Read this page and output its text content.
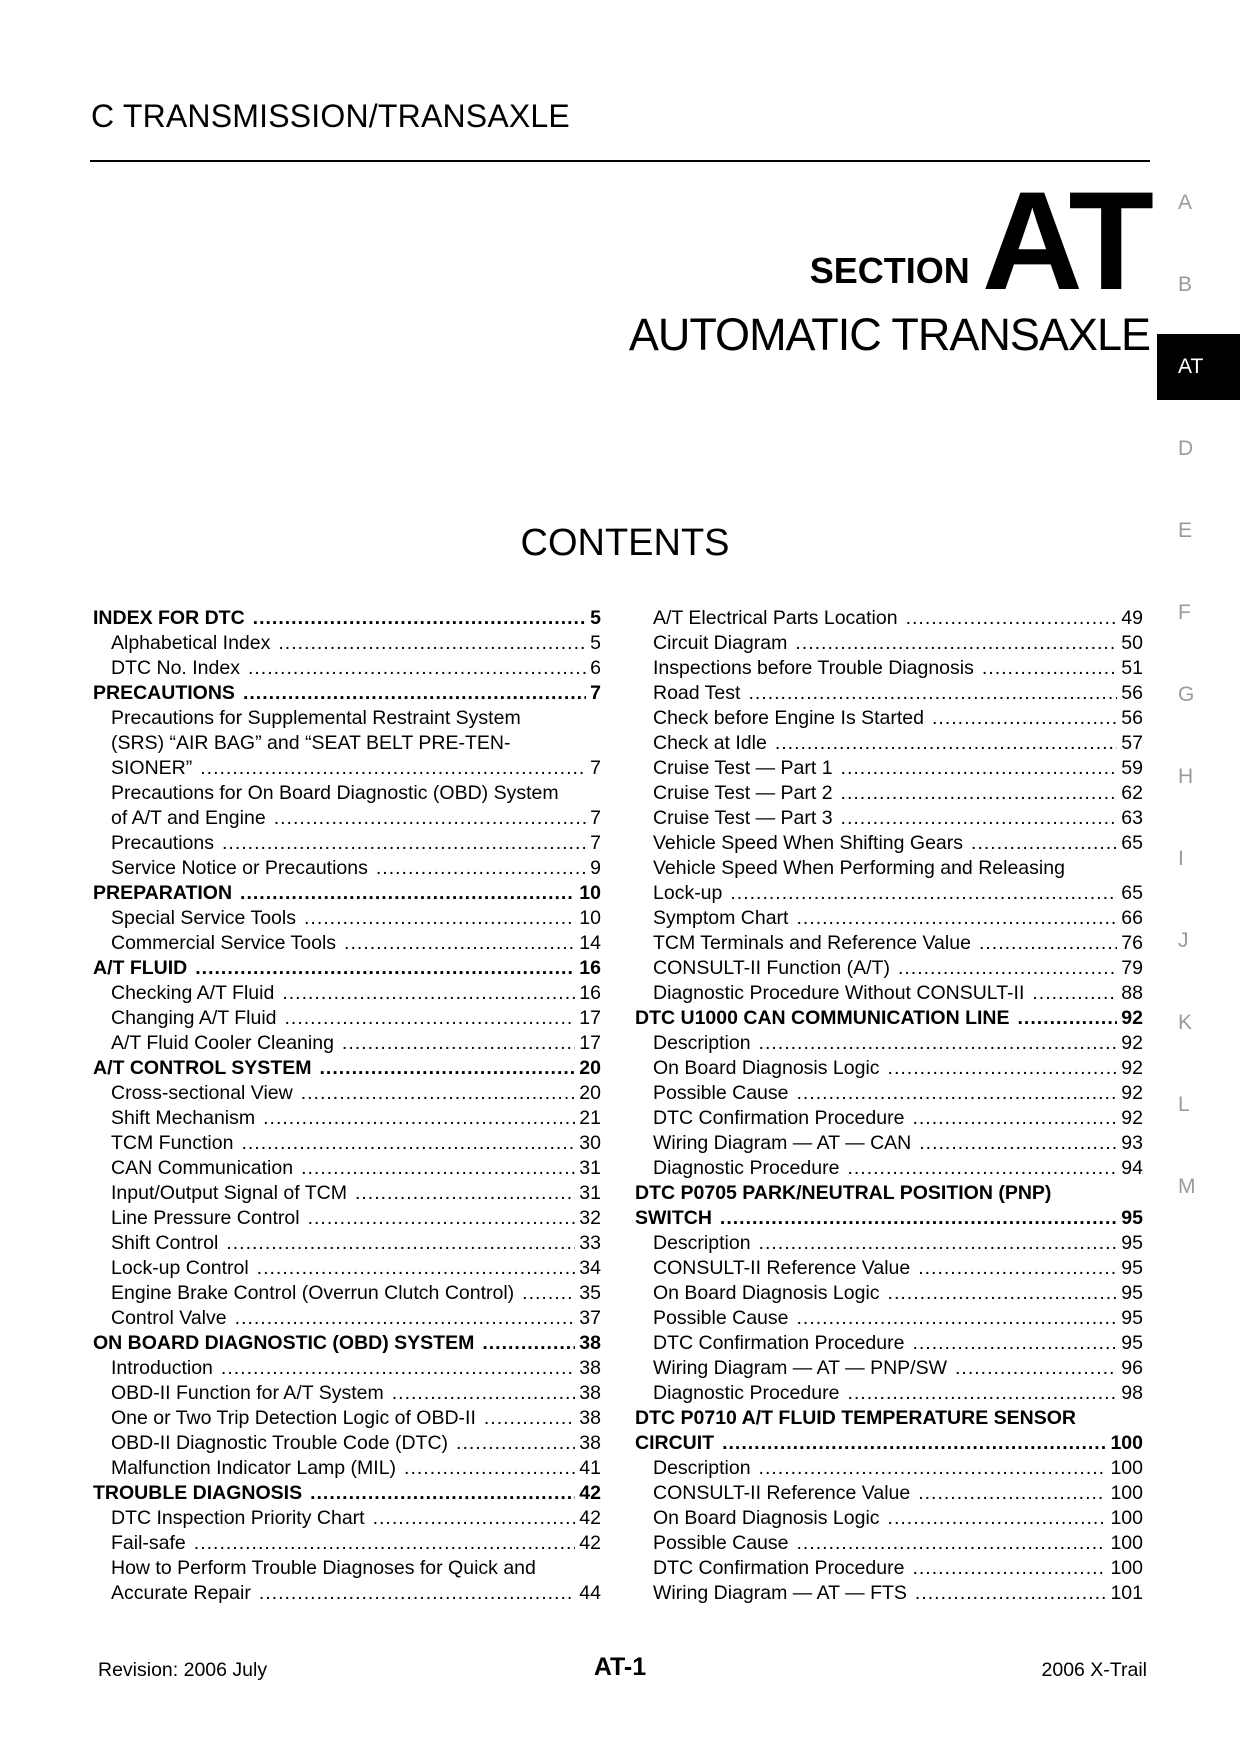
C TRANSMISSION/TRANSAXLE
SECTION AT
AUTOMATIC TRANSAXLE
CONTENTS
A
B
AT
D
E
F
G
H
I
J
K
L
M
INDEX FOR DTC .....	5
Alphabetical Index .....	5
DTC No. Index .....	6
PRECAUTIONS .....	7
Precautions for Supplemental Restraint System
(SRS) “AIR BAG” and “SEAT BELT PRE-TEN-
SIONER” .....	7
Precautions for On Board Diagnostic (OBD) System
of A/T and Engine .....	7
Precautions .....	7
Service Notice or Precautions .....	9
PREPARATION .....	10
Special Service Tools .....	10
Commercial Service Tools .....	14
A/T FLUID .....	16
Checking A/T Fluid .....	16
Changing A/T Fluid .....	17
A/T Fluid Cooler Cleaning .....	17
A/T CONTROL SYSTEM .....	20
Cross-sectional View .....	20
Shift Mechanism .....	21
TCM Function .....	30
CAN Communication .....	31
Input/Output Signal of TCM .....	31
Line Pressure Control .....	32
Shift Control .....	33
Lock-up Control .....	34
Engine Brake Control (Overrun Clutch Control) .....	35
Control Valve .....	37
ON BOARD DIAGNOSTIC (OBD) SYSTEM .....	38
Introduction .....	38
OBD-II Function for A/T System .....	38
One or Two Trip Detection Logic of OBD-II .....	38
OBD-II Diagnostic Trouble Code (DTC) .....	38
Malfunction Indicator Lamp (MIL) .....	41
TROUBLE DIAGNOSIS .....	42
DTC Inspection Priority Chart .....	42
Fail-safe .....	42
How to Perform Trouble Diagnoses for Quick and
Accurate Repair .....	44
A/T Electrical Parts Location .....	49
Circuit Diagram .....	50
Inspections before Trouble Diagnosis .....	51
Road Test .....	56
Check before Engine Is Started .....	56
Check at Idle .....	57
Cruise Test — Part 1 .....	59
Cruise Test — Part 2 .....	62
Cruise Test — Part 3 .....	63
Vehicle Speed When Shifting Gears .....	65
Vehicle Speed When Performing and Releasing
Lock-up .....	65
Symptom Chart .....	66
TCM Terminals and Reference Value .....	76
CONSULT-II Function (A/T) .....	79
Diagnostic Procedure Without CONSULT-II .....	88
DTC U1000 CAN COMMUNICATION LINE .....	92
Description .....	92
On Board Diagnosis Logic .....	92
Possible Cause .....	92
DTC Confirmation Procedure .....	92
Wiring Diagram — AT — CAN .....	93
Diagnostic Procedure .....	94
DTC P0705 PARK/NEUTRAL POSITION (PNP)
SWITCH .....	95
Description .....	95
CONSULT-II Reference Value .....	95
On Board Diagnosis Logic .....	95
Possible Cause .....	95
DTC Confirmation Procedure .....	95
Wiring Diagram — AT — PNP/SW .....	96
Diagnostic Procedure .....	98
DTC P0710 A/T FLUID TEMPERATURE SENSOR
CIRCUIT .....	100
Description .....	100
CONSULT-II Reference Value .....	100
On Board Diagnosis Logic .....	100
Possible Cause .....	100
DTC Confirmation Procedure .....	100
Wiring Diagram — AT — FTS .....	101
Revision: 2006 July	AT-1	2006 X-Trail
